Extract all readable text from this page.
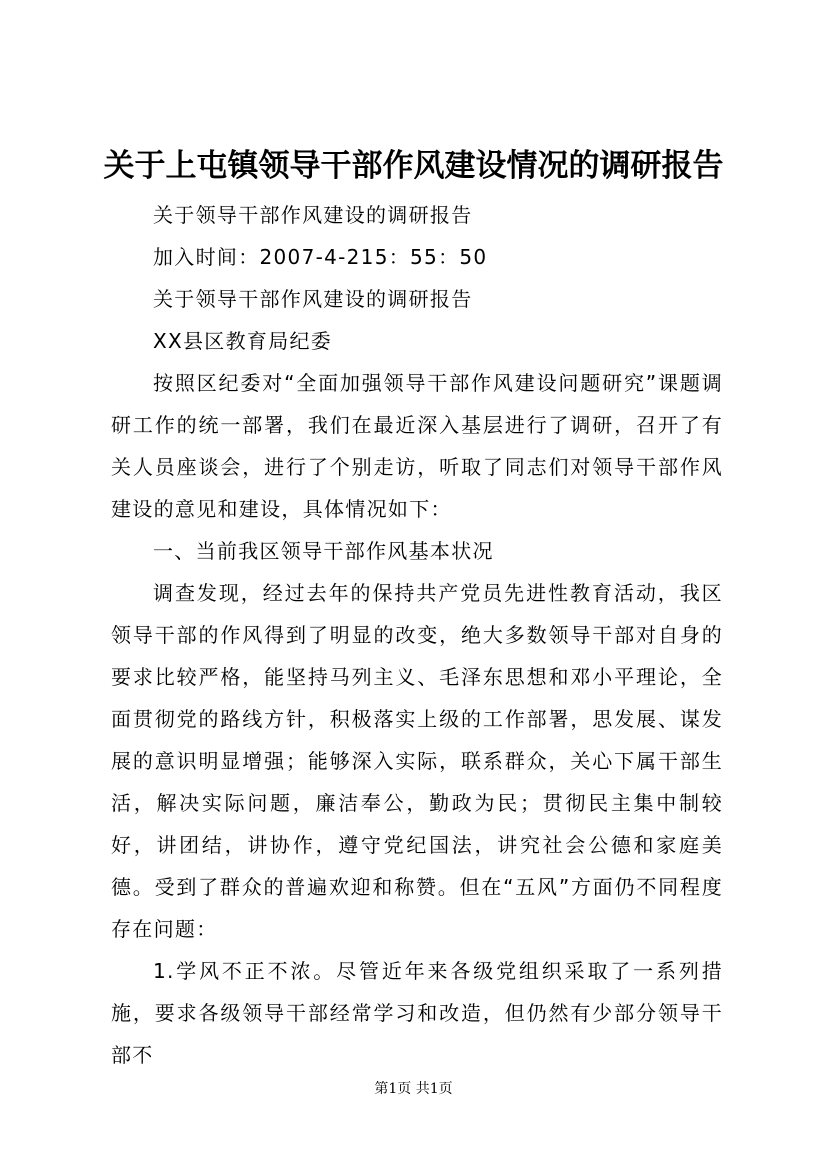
关于上屯镇领导干部作风建设情况的调研报告

关于领导干部作风建设的调研报告

加入时间：2007-4-215：55：50

关于领导干部作风建设的调研报告

XX县区教育局纪委

按照区纪委对“全面加强领导干部作风建设问题研究”课题调研工作的统一部署，我们在最近深入基层进行了调研，召开了有关人员座谈会，进行了个别走访，听取了同志们对领导干部作风建设的意见和建设，具体情况如下：

一、当前我区领导干部作风基本状况

调查发现，经过去年的保持共产党员先进性教育活动，我区领导干部的作风得到了明显的改变，绝大多数领导干部对自身的要求比较严格，能坚持马列主义、毛泽东思想和邓小平理论，全面贯彻党的路线方针，积极落实上级的工作部署，思发展、谋发展的意识明显增强；能够深入实际，联系群众，关心下属干部生活，解决实际问题，廉洁奉公，勤政为民；贯彻民主集中制较好，讲团结，讲协作，遵守党纪国法，讲究社会公德和家庭美德。受到了群众的普遍欢迎和称赞。但在“五风”方面仍不同程度存在问题：

1.学风不正不浓。尽管近年来各级党组织采取了一系列措施，要求各级领导干部经常学习和改造，但仍然有少部分领导干部不

第1页 共1页
